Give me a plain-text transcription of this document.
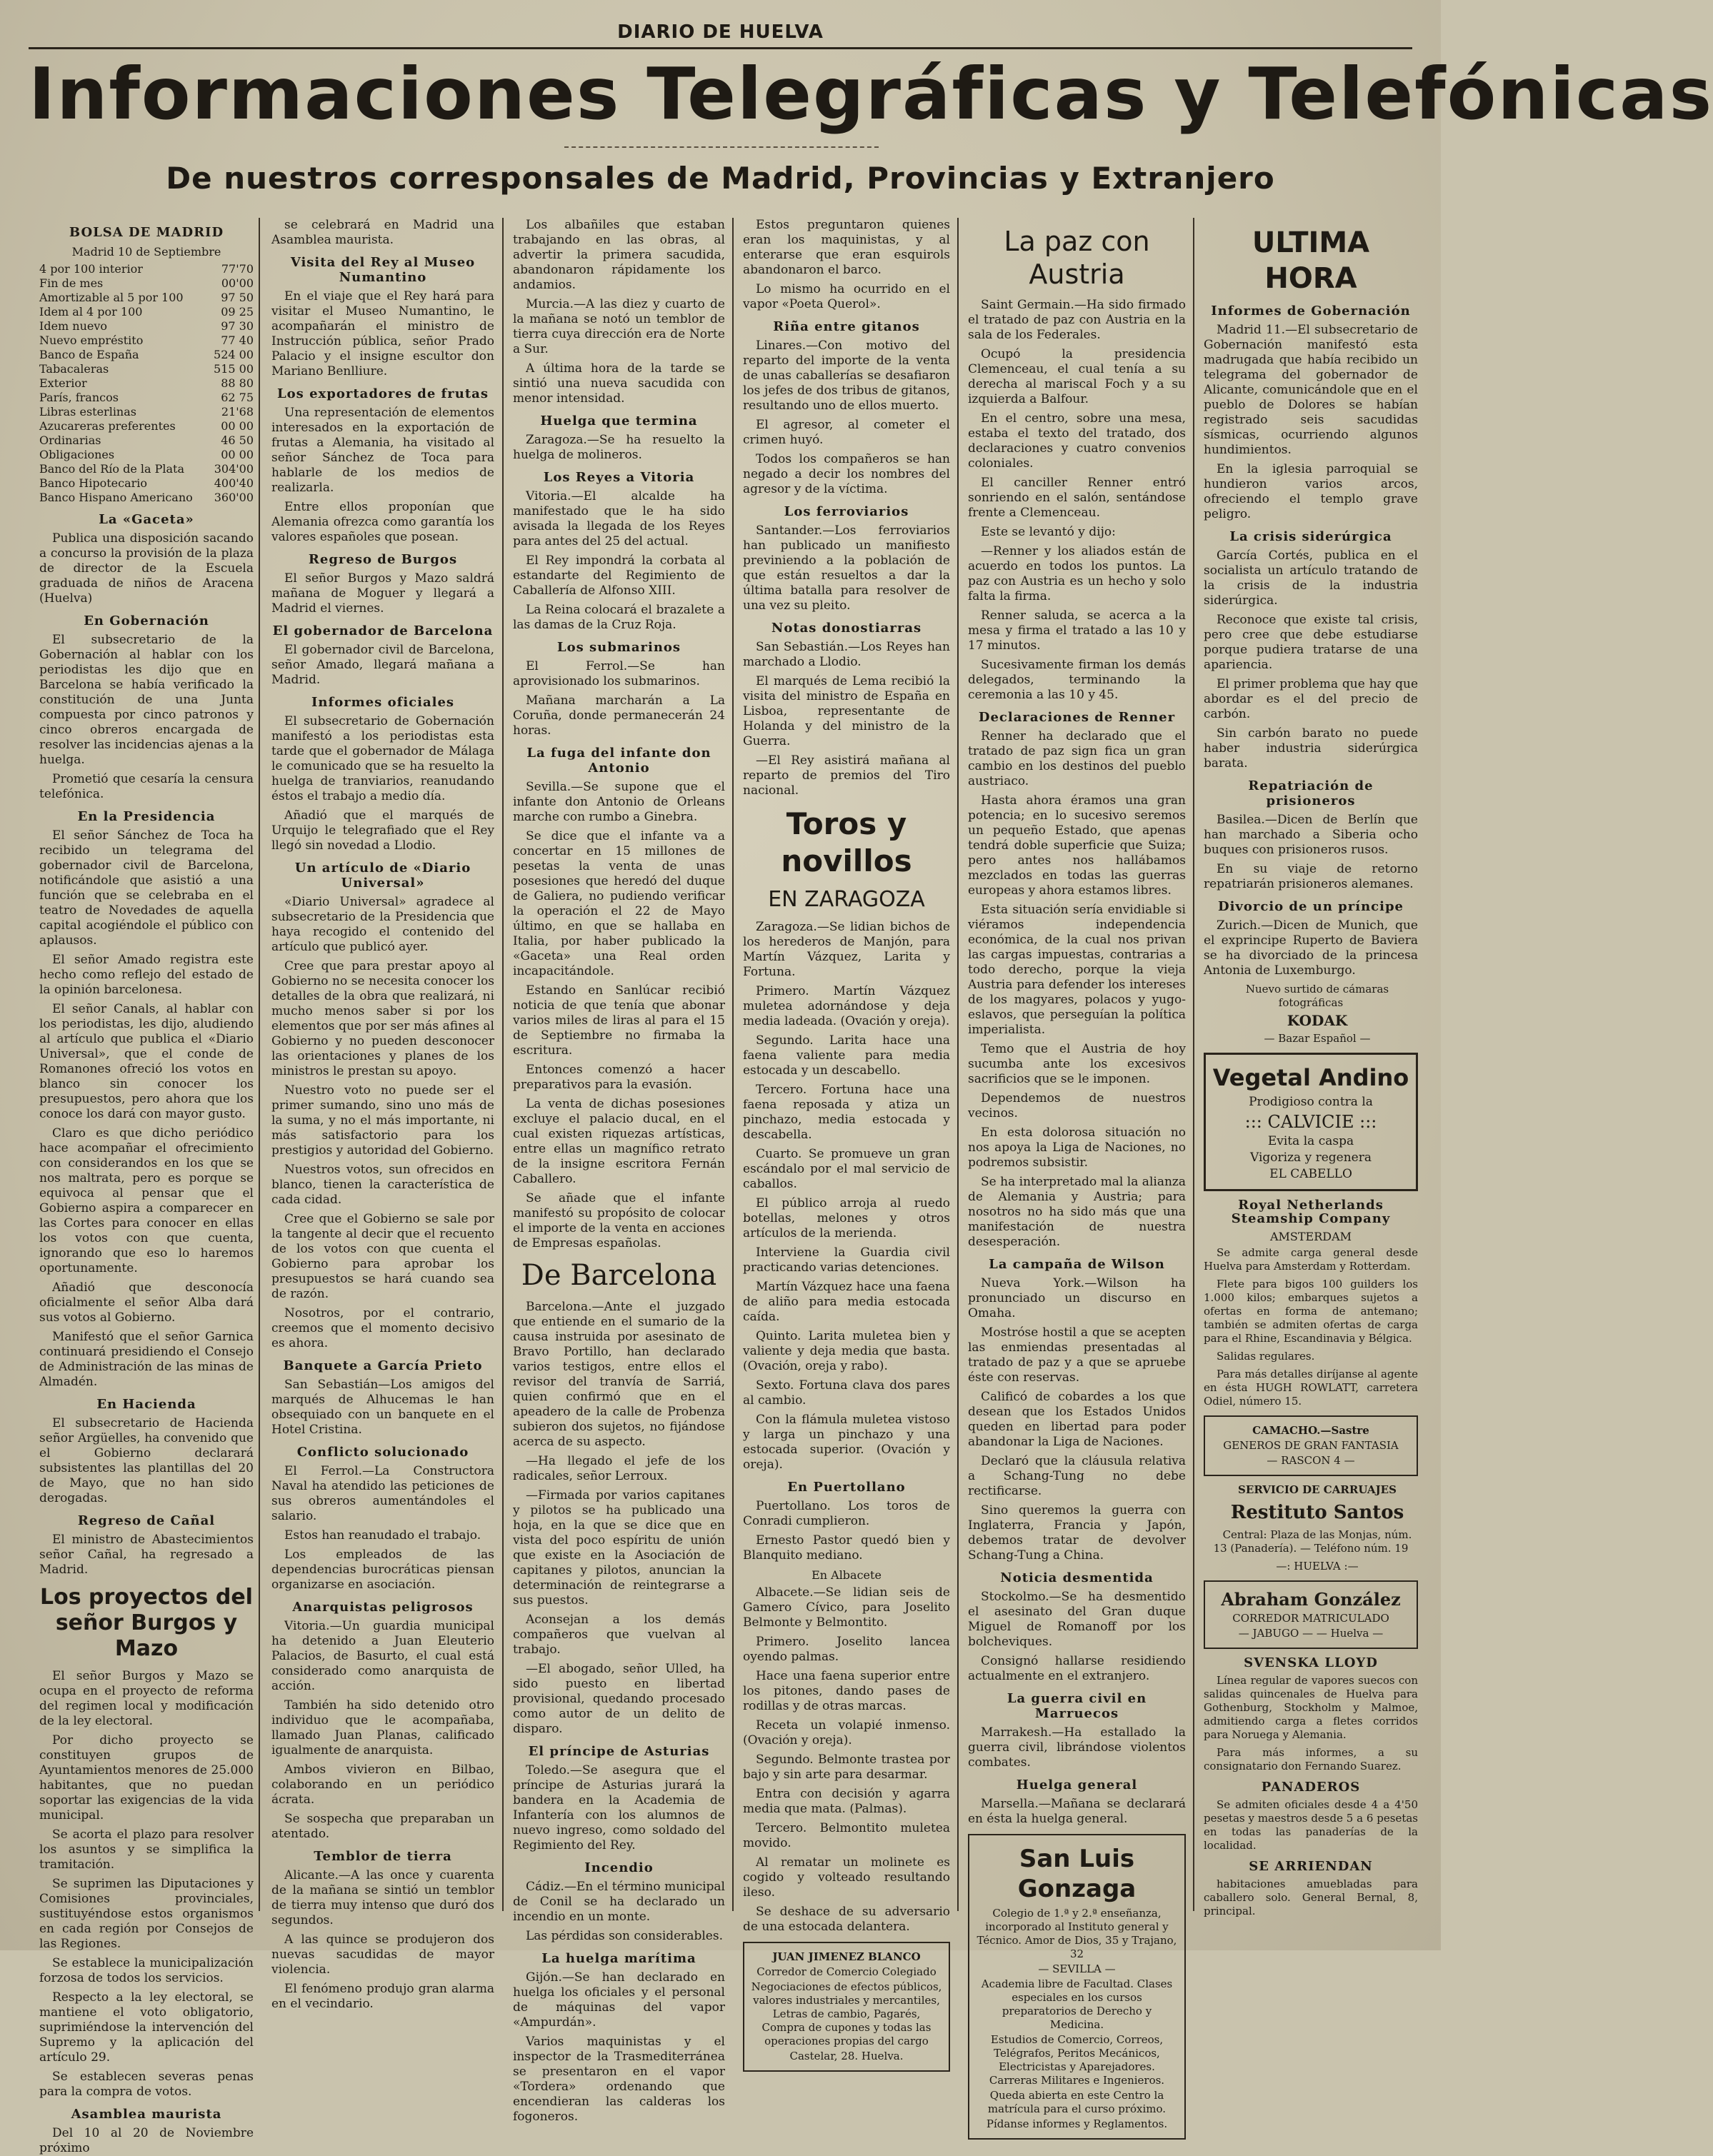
DIARIO DE HUELVA
Informaciones Telegráficas y Telefónicas
De nuestros corresponsales de Madrid, Provincias y Extranjero
BOLSA DE MADRID
Madrid 10 de Septiembre
4 por 100 interior	77'70
Fin de mes	00'00
Amortizable al 5 por 100	97 50
Idem al 4 por 100	09 25
Idem nuevo	97 30
Nuevo empréstito	77 40
Banco de España	524 00
Tabacaleras	515 00
Exterior	88 80
París, francos	62 75
Libras esterlinas	21'68
Azucareras preferentes	00 00
Ordinarias	46 50
Obligaciones	00 00
Banco del Río de la Plata	304'00
Banco Hipotecario	400'40
Banco Hispano Americano	360'00
La «Gaceta»

Publica una disposición sacando a concurso la provisión de la plaza de director de la Escuela graduada de niños de Aracena (Huelva)

En Gobernación

El subsecretario de la Gobernación al hablar con los periodistas les dijo que en Barcelona se había verificado la constitución de una Junta compuesta por cinco patronos y cinco obreros encargada de resolver las incidencias ajenas a la huelga.

Prometió que cesaría la censura telefónica.

En la Presidencia

El señor Sánchez de Toca ha recibido un telegrama del gobernador civil de Barcelona, notificándole que asistió a una función que se celebraba en el teatro de Novedades de aquella capital acogiéndole el público con aplausos.

El señor Amado registra este hecho como reflejo del estado de la opinión barcelonesa.

El señor Canals, al hablar con los periodistas, les dijo, aludiendo al artículo que publica el «Diario Universal», que el conde de Romanones ofreció los votos en blanco sin conocer los presupuestos, pero ahora que los conoce los dará con mayor gusto.

Claro es que dicho periódico hace acompañar el ofrecimiento con considerandos en los que se nos maltrata, pero es porque se equivoca al pensar que el Gobierno aspira a comparecer en las Cortes para conocer en ellas los votos con que cuenta, ignorando que eso lo haremos oportunamente.

Añadió que desconocía oficialmente el señor Alba dará sus votos al Gobierno.

Manifestó que el señor Garnica continuará presidiendo el Consejo de Administración de las minas de Almadén.

En Hacienda

El subsecretario de Hacienda señor Argüelles, ha convenido que el Gobierno declarará subsistentes las plantillas del 20 de Mayo, que no han sido derogadas.

Regreso de Cañal

El ministro de Abastecimientos señor Cañal, ha regresado a Madrid.

Los proyectos del señor Burgos y Mazo

El señor Burgos y Mazo se ocupa en el proyecto de reforma del regimen local y modificación de la ley electoral.

Por dicho proyecto se constituyen grupos de Ayuntamientos menores de 25.000 habitantes, que no puedan soportar las exigencias de la vida municipal.

Se acorta el plazo para resolver los asuntos y se simplifica la tramitación.

Se suprimen las Diputaciones y Comisiones provinciales, sustituyéndose estos organismos en cada región por Consejos de las Regiones.

Se establece la municipalización forzosa de todos los servicios.

Respecto a la ley electoral, se mantiene el voto obligatorio, suprimiéndose la intervención del Supremo y la aplicación del artículo 29.

Se establecen severas penas para la compra de votos.

Asamblea maurista

Del 10 al 20 de Noviembre próximo

se celebrará en Madrid una Asamblea maurista.

Visita del Rey al Museo Numantino

En el viaje que el Rey hará para visitar el Museo Numantino, le acompañarán el ministro de Instrucción pública, señor Prado Palacio y el insigne escultor don Mariano Benlliure.

Los exportadores de frutas

Una representación de elementos interesados en la exportación de frutas a Alemania, ha visitado al señor Sánchez de Toca para hablarle de los medios de realizarla.

Entre ellos proponían que Alemania ofrezca como garantía los valores españoles que posean.

Regreso de Burgos

El señor Burgos y Mazo saldrá mañana de Moguer y llegará a Madrid el viernes.

El gobernador de Barcelona

El gobernador civil de Barcelona, señor Amado, llegará mañana a Madrid.

Informes oficiales

El subsecretario de Gobernación manifestó a los periodistas esta tarde que el gobernador de Málaga le comunicado que se ha resuelto la huelga de tranviarios, reanudando éstos el trabajo a medio día.

Añadió que el marqués de Urquijo le telegrafiado que el Rey llegó sin novedad a Llodio.

Un artículo de «Diario Universal»

«Diario Universal» agradece al subsecretario de la Presidencia que haya recogido el contenido del artículo que publicó ayer.

Cree que para prestar apoyo al Gobierno no se necesita conocer los detalles de la obra que realizará, ni mucho menos saber si por los elementos que por ser más afines al Gobierno y no pueden desconocer las orientaciones y planes de los ministros le prestan su apoyo.

Nuestro voto no puede ser el primer sumando, sino uno más de la suma, y no el más importante, ni más satisfactorio para los prestigios y autoridad del Gobierno.

Nuestros votos, sun ofrecidos en blanco, tienen la característica de cada cidad.

Cree que el Gobierno se sale por la tangente al decir que el recuento de los votos con que cuenta el Gobierno para aprobar los presupuestos se hará cuando sea de razón.

Nosotros, por el contrario, creemos que el momento decisivo es ahora.

Banquete a García Prieto

San Sebastián—Los amigos del marqués de Alhucemas le han obsequiado con un banquete en el Hotel Cristina.

Conflicto solucionado

El Ferrol.—La Constructora Naval ha atendido las peticiones de sus obreros aumentándoles el salario.

Estos han reanudado el trabajo.

Los empleados de las dependencias burocráticas piensan organizarse en asociación.

Anarquistas peligrosos

Vitoria.—Un guardia municipal ha detenido a Juan Eleuterio Palacios, de Basurto, el cual está considerado como anarquista de acción.

También ha sido detenido otro individuo que le acompañaba, llamado Juan Planas, calificado igualmente de anarquista.

Ambos vivieron en Bilbao, colaborando en un periódico ácrata.

Se sospecha que preparaban un atentado.

Temblor de tierra

Alicante.—A las once y cuarenta de la mañana se sintió un temblor de tierra muy intenso que duró dos segundos.

A las quince se produjeron dos nuevas sacudidas de mayor violencia.

El fenómeno produjo gran alarma en el vecindario.

Los albañiles que estaban trabajando en las obras, al advertir la primera sacudida, abandonaron rápidamente los andamios.

Murcia.—A las diez y cuarto de la mañana se notó un temblor de tierra cuya dirección era de Norte a Sur.

A última hora de la tarde se sintió una nueva sacudida con menor intensidad.

Huelga que termina

Zaragoza.—Se ha resuelto la huelga de molineros.

Los Reyes a Vitoria

Vitoria.—El alcalde ha manifestado que le ha sido avisada la llegada de los Reyes para antes del 25 del actual.

El Rey impondrá la corbata al estandarte del Regimiento de Caballería de Alfonso XIII.

La Reina colocará el brazalete a las damas de la Cruz Roja.

Los submarinos

El Ferrol.—Se han aprovisionado los submarinos.

Mañana marcharán a La Coruña, donde permanecerán 24 horas.

La fuga del infante don Antonio

Sevilla.—Se supone que el infante don Antonio de Orleans marche con rumbo a Ginebra.

Se dice que el infante va a concertar en 15 millones de pesetas la venta de unas posesiones que heredó del duque de Galiera, no pudiendo verificar la operación el 22 de Mayo último, en que se hallaba en Italia, por haber publicado la «Gaceta» una Real orden incapacitándole.

Estando en Sanlúcar recibió noticia de que tenía que abonar varios miles de liras al para el 15 de Septiembre no firmaba la escritura.

Entonces comenzó a hacer preparativos para la evasión.

La venta de dichas posesiones excluye el palacio ducal, en el cual existen riquezas artísticas, entre ellas un magnífico retrato de la insigne escritora Fernán Caballero.

Se añade que el infante manifestó su propósito de colocar el importe de la venta en acciones de Empresas españolas.

De Barcelona

Barcelona.—Ante el juzgado que entiende en el sumario de la causa instruida por asesinato de Bravo Portillo, han declarado varios testigos, entre ellos el revisor del tranvía de Sarriá, quien confirmó que en el apeadero de la calle de Probenza subieron dos sujetos, no fijándose acerca de su aspecto.

—Ha llegado el jefe de los radicales, señor Lerroux.

—Firmada por varios capitanes y pilotos se ha publicado una hoja, en la que se dice que en vista del poco espíritu de unión que existe en la Asociación de capitanes y pilotos, anuncian la determinación de reintegrarse a sus puestos.

Aconsejan a los demás compañeros que vuelvan al trabajo.

—El abogado, señor Ulled, ha sido puesto en libertad provisional, quedando procesado como autor de un delito de disparo.

El príncipe de Asturias

Toledo.—Se asegura que el príncipe de Asturias jurará la bandera en la Academia de Infantería con los alumnos de nuevo ingreso, como soldado del Regimiento del Rey.

Incendio

Cádiz.—En el término municipal de Conil se ha declarado un incendio en un monte.

Las pérdidas son considerables.

La huelga marítima

Gijón.—Se han declarado en huelga los oficiales y el personal de máquinas del vapor «Ampurdán».

Varios maquinistas y el inspector de la Trasmediterránea se presentaron en el vapor «Tordera» ordenando que encendieran las calderas los fogoneros.

Estos preguntaron quienes eran los maquinistas, y al enterarse que eran esquirols abandonaron el barco.

Lo mismo ha ocurrido en el vapor «Poeta Querol».

Riña entre gitanos

Linares.—Con motivo del reparto del importe de la venta de unas caballerías se desafiaron los jefes de dos tribus de gitanos, resultando uno de ellos muerto.

El agresor, al cometer el crimen huyó.

Todos los compañeros se han negado a decir los nombres del agresor y de la víctima.

Los ferroviarios

Santander.—Los ferroviarios han publicado un manifiesto previniendo a la población de que están resueltos a dar la última batalla para resolver de una vez su pleito.

Notas donostiarras

San Sebastián.—Los Reyes han marchado a Llodio.

El marqués de Lema recibió la visita del ministro de España en Lisboa, representante de Holanda y del ministro de la Guerra.

—El Rey asistirá mañana al reparto de premios del Tiro nacional.

Toros y novillos
EN ZARAGOZA

Zaragoza.—Se lidian bichos de los herederos de Manjón, para Martín Vázquez, Larita y Fortuna.

Primero. Martín Vázquez muletea adornándose y deja media ladeada. (Ovación y oreja).

Segundo. Larita hace una faena valiente para media estocada y un descabello.

Tercero. Fortuna hace una faena reposada y atiza un pinchazo, media estocada y descabella.

Cuarto. Se promueve un gran escándalo por el mal servicio de caballos.

El público arroja al ruedo botellas, melones y otros artículos de la merienda.

Interviene la Guardia civil practicando varias detenciones.

Martín Vázquez hace una faena de aliño para media estocada caída.

Quinto. Larita muletea bien y valiente y deja media que basta. (Ovación, oreja y rabo).

Sexto. Fortuna clava dos pares al cambio.

Con la flámula muletea vistoso y larga un pinchazo y una estocada superior. (Ovación y oreja).

En Puertollano

Puertollano. Los toros de Conradi cumplieron.

Ernesto Pastor quedó bien y Blanquito mediano.

En Albacete

Albacete.—Se lidian seis de Gamero Cívico, para Joselito Belmonte y Belmontito.

Primero. Joselito lancea oyendo palmas.

Hace una faena superior entre los pitones, dando pases de rodillas y de otras marcas.

Receta un volapié inmenso. (Ovación y oreja).

Segundo. Belmonte trastea por bajo y sin arte para desarmar.

Entra con decisión y agarra media que mata. (Palmas).

Tercero. Belmontito muletea movido.

Al rematar un molinete es cogido y volteado resultando ileso.

Se deshace de su adversario de una estocada delantera.

JUAN JIMENEZ BLANCO

Corredor de Comercio Colegiado

Negociaciones de efectos públicos, valores industriales y mercantiles, Letras de cambio, Pagarés, Compra de cupones y todas las operaciones propias del cargo

Castelar, 28. Huelva.

La paz con Austria

Saint Germain.—Ha sido firmado el tratado de paz con Austria en la sala de los Federales.

Ocupó la presidencia Clemenceau, el cual tenía a su derecha al mariscal Foch y a su izquierda a Balfour.

En el centro, sobre una mesa, estaba el texto del tratado, dos declaraciones y cuatro convenios coloniales.

El canciller Renner entró sonriendo en el salón, sentándose frente a Clemenceau.

Este se levantó y dijo:

—Renner y los aliados están de acuerdo en todos los puntos. La paz con Austria es un hecho y solo falta la firma.

Renner saluda, se acerca a la mesa y firma el tratado a las 10 y 17 minutos.

Sucesivamente firman los demás delegados, terminando la ceremonia a las 10 y 45.

Declaraciones de Renner

Renner ha declarado que el tratado de paz sign fica un gran cambio en los destinos del pueblo austriaco.

Hasta ahora éramos una gran potencia; en lo sucesivo seremos un pequeño Estado, que apenas tendrá doble superficie que Suiza; pero antes nos hallábamos mezclados en todas las guerras europeas y ahora estamos libres.

Esta situación sería envidiable si viéramos independencia económica, de la cual nos privan las cargas impuestas, contrarias a todo derecho, porque la vieja Austria para defender los intereses de los magyares, polacos y yugo-eslavos, que perseguían la política imperialista.

Temo que el Austria de hoy sucumba ante los excesivos sacrificios que se le imponen.

Dependemos de nuestros vecinos.

En esta dolorosa situación no nos apoya la Liga de Naciones, no podremos subsistir.

Se ha interpretado mal la alianza de Alemania y Austria; para nosotros no ha sido más que una manifestación de nuestra desesperación.

La campaña de Wilson

Nueva York.—Wilson ha pronunciado un discurso en Omaha.

Mostróse hostil a que se acepten las enmiendas presentadas al tratado de paz y a que se apruebe éste con reservas.

Calificó de cobardes a los que desean que los Estados Unidos queden en libertad para poder abandonar la Liga de Naciones.

Declaró que la cláusula relativa a Schang-Tung no debe rectificarse.

Sino queremos la guerra con Inglaterra, Francia y Japón, debemos tratar de devolver Schang-Tung a China.

Noticia desmentida

Stockolmo.—Se ha desmentido el asesinato del Gran duque Miguel de Romanoff por los bolcheviques.

Consignó hallarse residiendo actualmente en el extranjero.

La guerra civil en Marruecos

Marrakesh.—Ha estallado la guerra civil, librándose violentos combates.

Huelga general

Marsella.—Mañana se declarará en ésta la huelga general.

San Luis Gonzaga

Colegio de 1.ª y 2.ª enseñanza, incorporado al Instituto general y Técnico. Amor de Dios, 35 y Trajano, 32

— SEVILLA —

Academia libre de Facultad. Clases especiales en los cursos preparatorios de Derecho y Medicina.

Estudios de Comercio, Correos, Telégrafos, Peritos Mecánicos, Electricistas y Aparejadores. Carreras Militares e Ingenieros.

Queda abierta en este Centro la matrícula para el curso próximo.

Pídanse informes y Reglamentos.

ULTIMA HORA
Informes de Gobernación

Madrid 11.—El subsecretario de Gobernación manifestó esta madrugada que había recibido un telegrama del gobernador de Alicante, comunicándole que en el pueblo de Dolores se habían registrado seis sacudidas sísmicas, ocurriendo algunos hundimientos.

En la iglesia parroquial se hundieron varios arcos, ofreciendo el templo grave peligro.

La crisis siderúrgica

García Cortés, publica en el socialista un artículo tratando de la crisis de la industria siderúrgica.

Reconoce que existe tal crisis, pero cree que debe estudiarse porque pudiera tratarse de una apariencia.

El primer problema que hay que abordar es el del precio de carbón.

Sin carbón barato no puede haber industria siderúrgica barata.

Repatriación de prisioneros

Basilea.—Dicen de Berlín que han marchado a Siberia ocho buques con prisioneros rusos.

En su viaje de retorno repatriarán prisioneros alemanes.

Divorcio de un príncipe

Zurich.—Dicen de Munich, que el exprincipe Ruperto de Baviera se ha divorciado de la princesa Antonia de Luxemburgo.

Nuevo surtido de cámaras fotográficas

KODAK

— Bazar Español —

Vegetal Andino

Prodigioso contra la

::: CALVICIE :::

Evita la caspa

Vigoriza y regenera

EL CABELLO

Royal Netherlands Steamship Company
AMSTERDAM

Se admite carga general desde Huelva para Amsterdam y Rotterdam.

Flete para bigos 100 guilders los 1.000 kilos; embarques sujetos a ofertas en forma de antemano; también se admiten ofertas de carga para el Rhine, Escandinavia y Bélgica.

Salidas regulares.

Para más detalles diríjanse al agente en ésta HUGH ROWLATT, carretera Odiel, número 15.

CAMACHO.—Sastre

GENEROS DE GRAN FANTASIA

— RASCON 4 —

SERVICIO DE CARRUAJES

Restituto Santos

Central: Plaza de las Monjas, núm. 13 (Panadería). — Teléfono núm. 19

—: HUELVA :—

Abraham González

CORREDOR MATRICULADO

— JABUGO — — Huelva —

SVENSKA LLOYD

Línea regular de vapores suecos con salidas quincenales de Huelva para Gothenburg, Stockholm y Malmoe, admitiendo carga a fletes corridos para Noruega y Alemania.

Para más informes, a su consignatario don Fernando Suarez.

PANADEROS

Se admiten oficiales desde 4 a 4'50 pesetas y maestros desde 5 a 6 pesetas en todas las panaderías de la localidad.

SE ARRIENDAN

habitaciones amuebladas para caballero solo. General Bernal, 8, principal.
